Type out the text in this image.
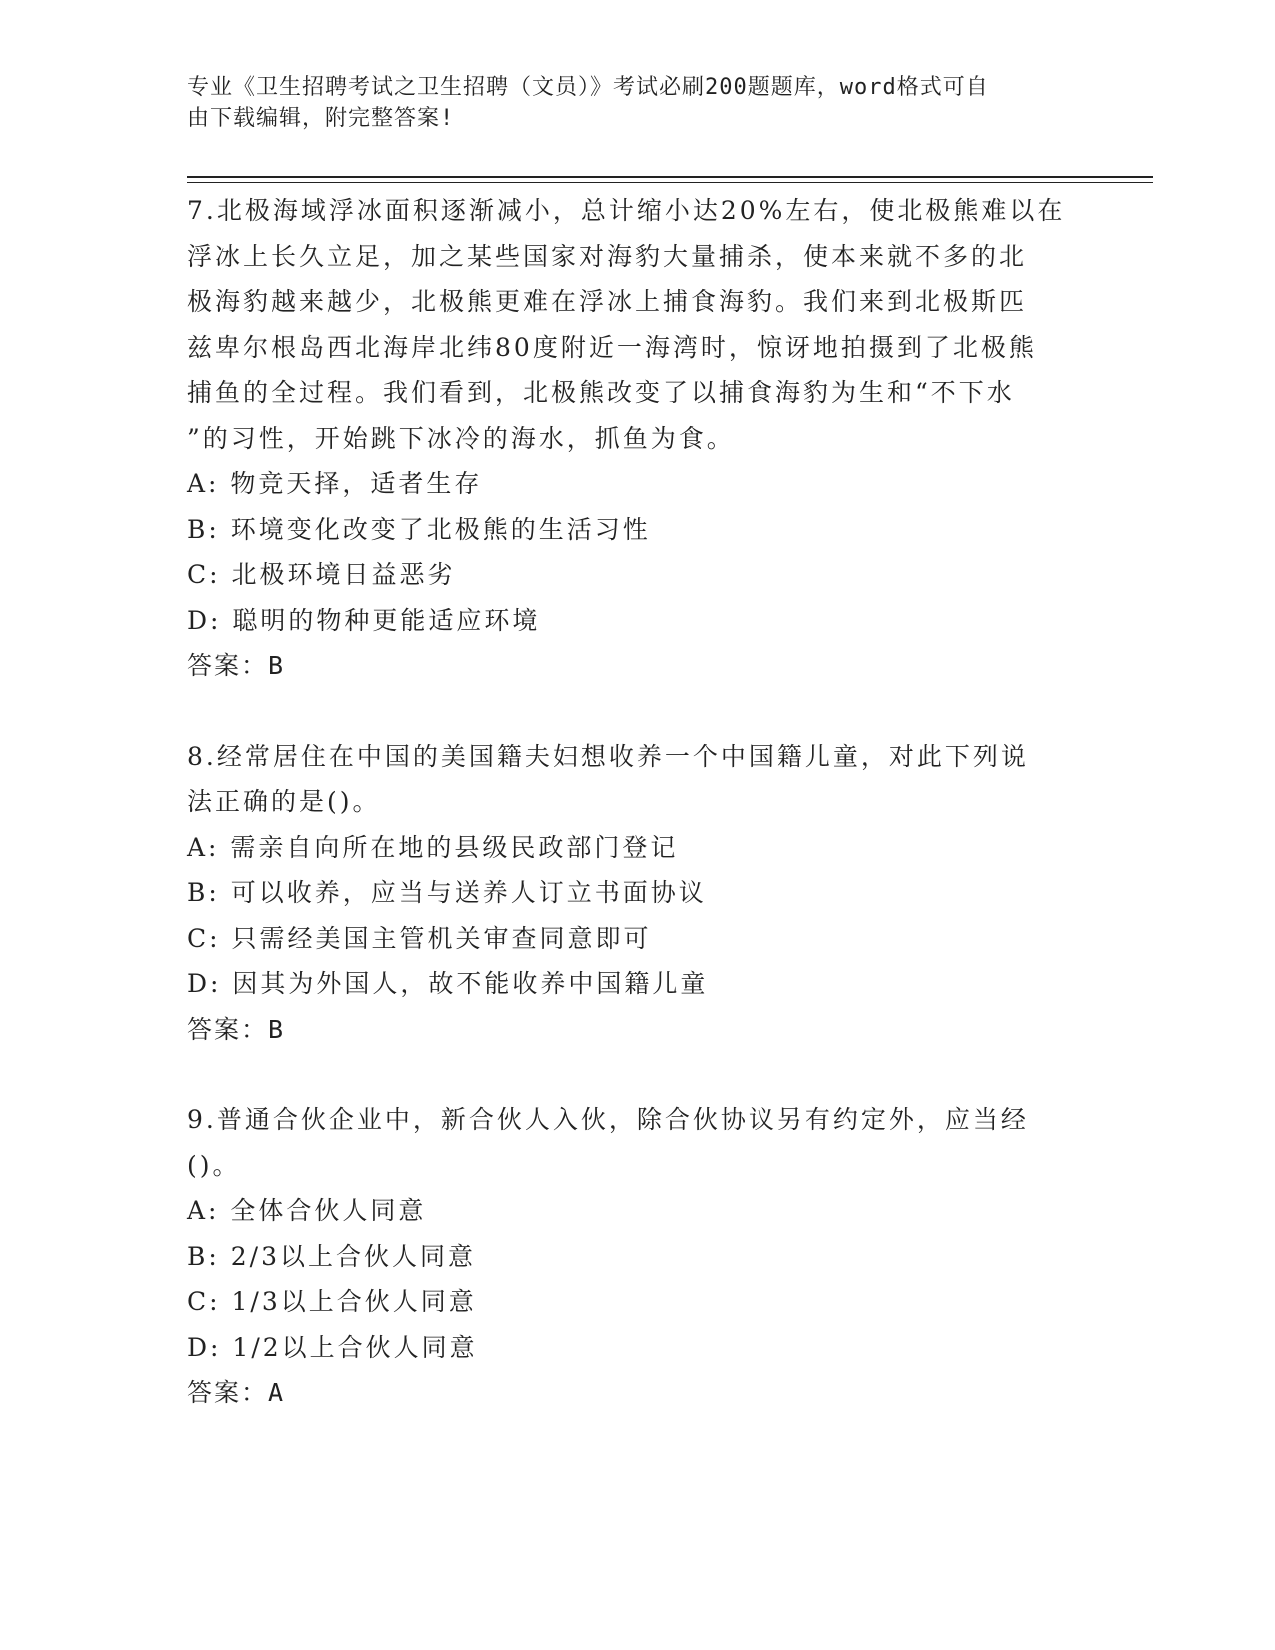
专业《卫生招聘考试之卫生招聘（文员）》考试必刷200题题库，word格式可自
由下载编辑，附完整答案!
7.北极海域浮冰面积逐渐减小，总计缩小达20%左右，使北极熊难以在
浮冰上长久立足，加之某些国家对海豹大量捕杀，使本来就不多的北
极海豹越来越少，北极熊更难在浮冰上捕食海豹。我们来到北极斯匹
兹卑尔根岛西北海岸北纬80度附近一海湾时，惊讶地拍摄到了北极熊
捕鱼的全过程。我们看到，北极熊改变了以捕食海豹为生和“不下水
”的习性，开始跳下冰冷的海水，抓鱼为食。
A: 物竞天择，适者生存
B: 环境变化改变了北极熊的生活习性
C: 北极环境日益恶劣
D: 聪明的物种更能适应环境
答案：B
8.经常居住在中国的美国籍夫妇想收养一个中国籍儿童，对此下列说
法正确的是()。
A: 需亲自向所在地的县级民政部门登记
B: 可以收养，应当与送养人订立书面协议
C: 只需经美国主管机关审查同意即可
D: 因其为外国人，故不能收养中国籍儿童
答案：B
9.普通合伙企业中，新合伙人入伙，除合伙协议另有约定外，应当经
()。
A: 全体合伙人同意
B: 2/3以上合伙人同意
C: 1/3以上合伙人同意
D: 1/2以上合伙人同意
答案：A
